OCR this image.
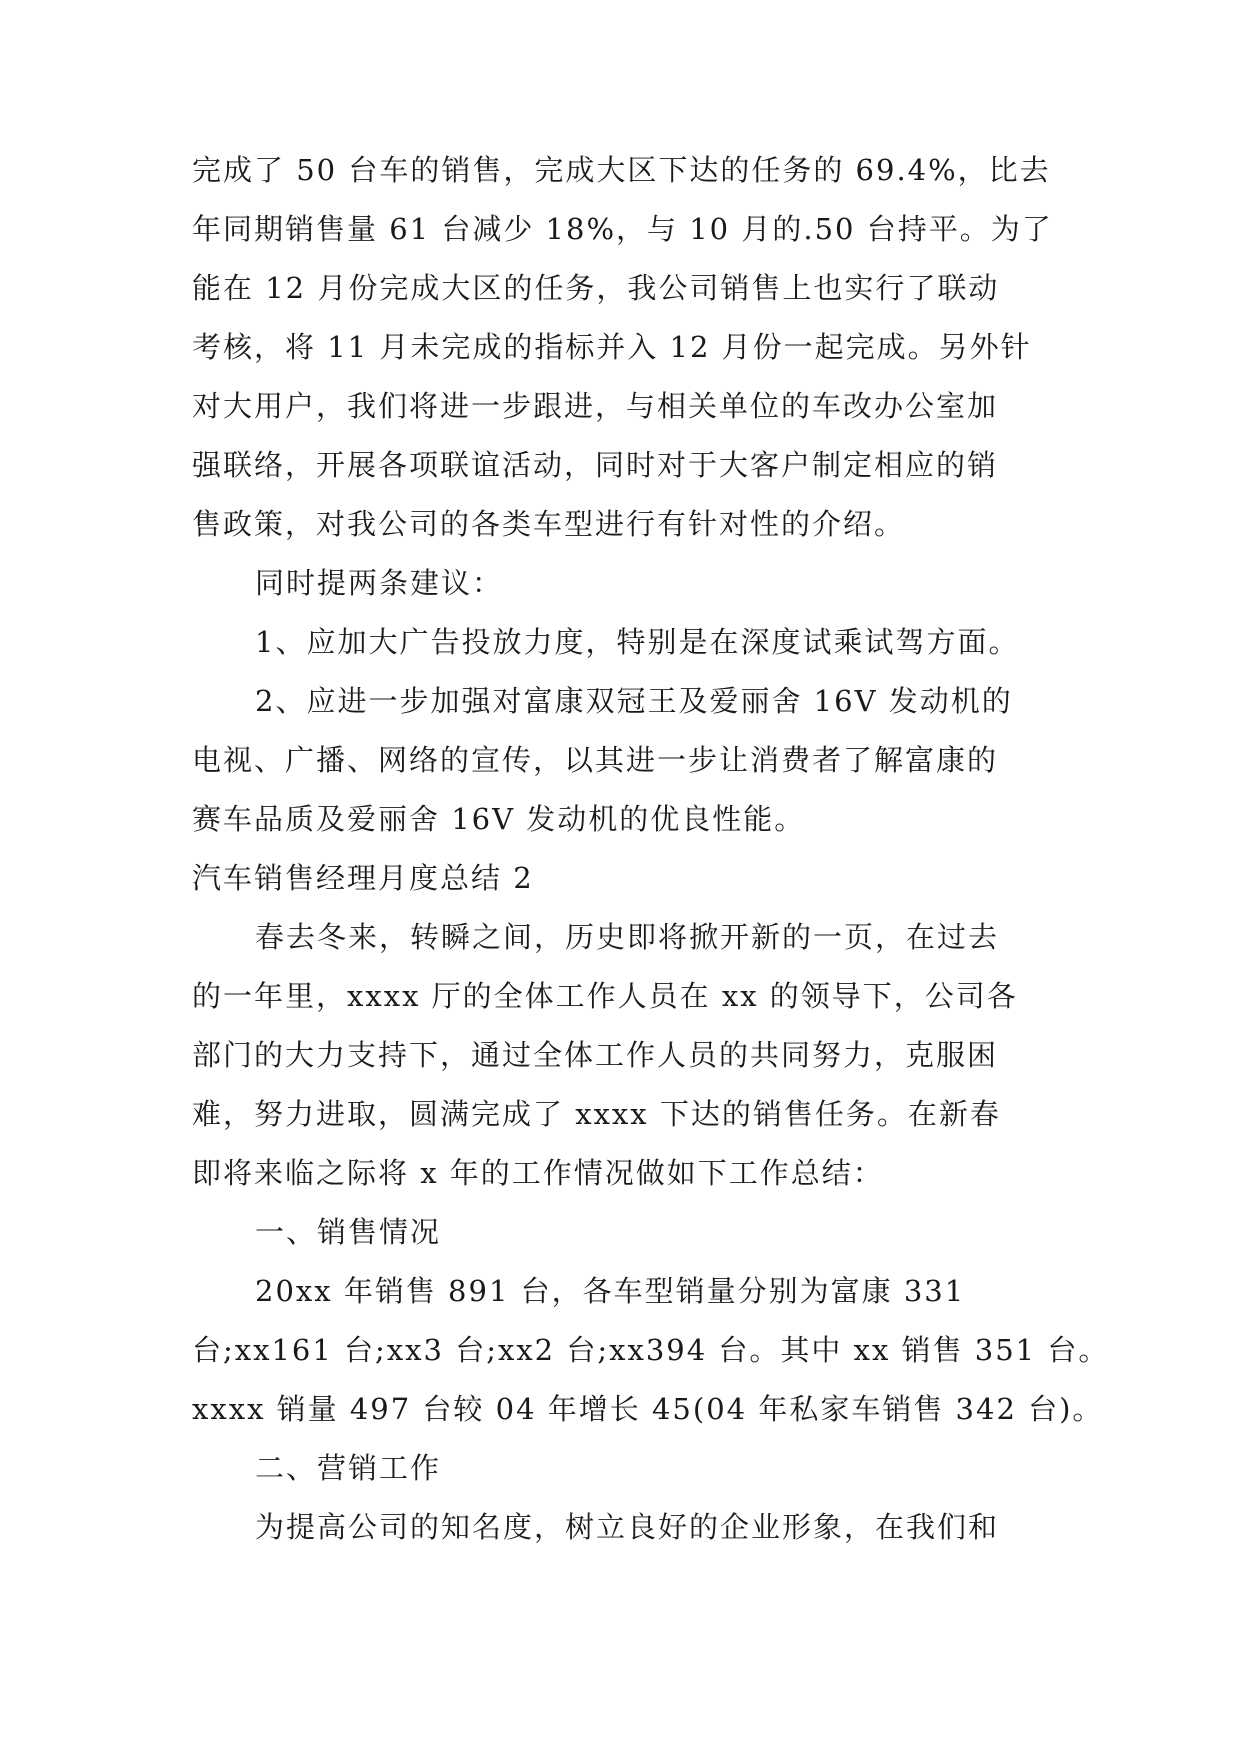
完成了 50 台车的销售，完成大区下达的任务的 69.4%，比去
年同期销售量 61 台减少 18%，与 10 月的.50 台持平。为了
能在 12 月份完成大区的任务，我公司销售上也实行了联动
考核，将 11 月未完成的指标并入 12 月份一起完成。另外针
对大用户，我们将进一步跟进，与相关单位的车改办公室加
强联络，开展各项联谊活动，同时对于大客户制定相应的销
售政策，对我公司的各类车型进行有针对性的介绍。
同时提两条建议：
1、应加大广告投放力度，特别是在深度试乘试驾方面。
2、应进一步加强对富康双冠王及爱丽舍 16V 发动机的
电视、广播、网络的宣传，以其进一步让消费者了解富康的
赛车品质及爱丽舍 16V 发动机的优良性能。
汽车销售经理月度总结 2
春去冬来，转瞬之间，历史即将掀开新的一页，在过去
的一年里，xxxx 厅的全体工作人员在 xx 的领导下，公司各
部门的大力支持下，通过全体工作人员的共同努力，克服困
难，努力进取，圆满完成了 xxxx 下达的销售任务。在新春
即将来临之际将 x 年的工作情况做如下工作总结：
一、销售情况
20xx 年销售 891 台，各车型销量分别为富康 331
台;xx161 台;xx3 台;xx2 台;xx394 台。其中 xx 销售 351 台。
xxxx 销量 497 台较 04 年增长 45(04 年私家车销售 342 台)。
二、营销工作
为提高公司的知名度，树立良好的企业形象，在我们和
